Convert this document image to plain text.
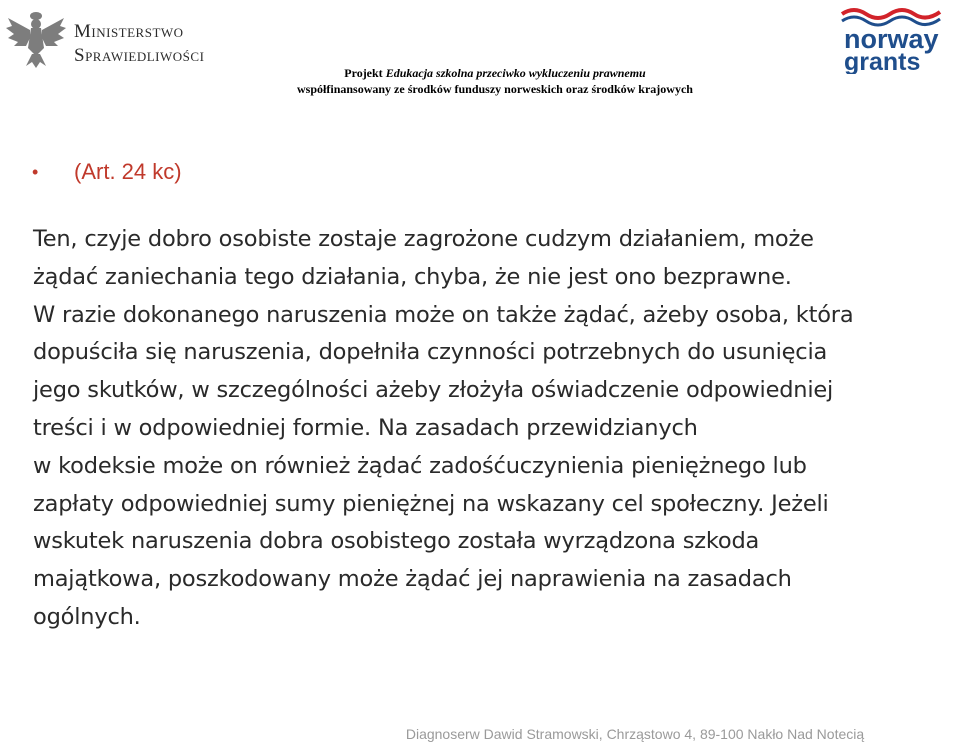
Ministerstwo
Sprawiedliwości
Projekt Edukacja szkolna przeciwko wykluczeniu prawnemu
współfinansowany ze środków funduszy norweskich oraz środków krajowych
norway
grants
• (Art. 24 kc)
Ten, czyje dobro osobiste zostaje zagrożone cudzym działaniem, może
żądać zaniechania tego działania, chyba, że nie jest ono bezprawne.
W razie dokonanego naruszenia może on także żądać, ażeby osoba, która
dopuściła się naruszenia, dopełniła czynności potrzebnych do usunięcia
jego skutków, w szczególności ażeby złożyła oświadczenie odpowiedniej
treści i w odpowiedniej formie. Na zasadach przewidzianych
w kodeksie może on również żądać zadośćuczynienia pieniężnego lub
zapłaty odpowiedniej sumy pieniężnej na wskazany cel społeczny. Jeżeli
wskutek naruszenia dobra osobistego została wyrządzona szkoda
majątkowa, poszkodowany może żądać jej naprawienia na zasadach
ogólnych.
Diagnoserw Dawid Stramowski, Chrząstowo 4, 89-100 Nakło Nad Notecią
